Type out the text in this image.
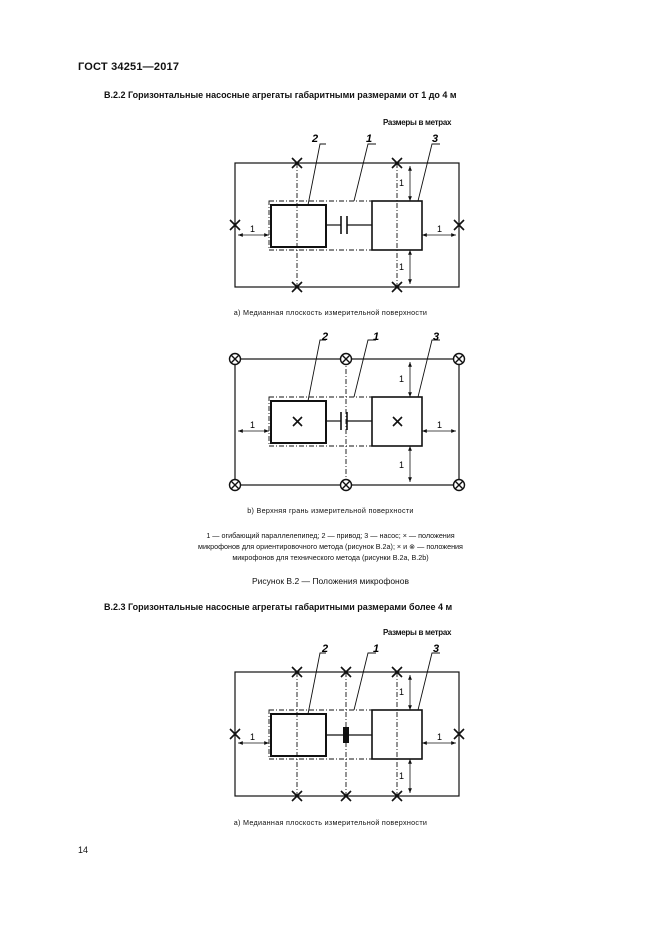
ГОСТ 34251—2017
В.2.2 Горизонтальные насосные агрегаты габаритными размерами от 1 до 4 м
Размеры в метрах
1	1
1
1
2	1	3
а) Медианная плоскость измерительной поверхности
1	1
1
1
2	1	3
b) Верхняя грань измерительной поверхности
1 — огибающий параллелепипед; 2 — привод; 3 — насос; × — положения
микрофонов для ориентировочного метода (рисунок В.2а); × и ⊗ — положения
микрофонов для технического метода (рисунки В.2а, В.2b)
Рисунок В.2 — Положения микрофонов
В.2.3 Горизонтальные насосные агрегаты габаритными размерами более 4 м
Размеры в метрах
1	1
1
1
2	1	3
а) Медианная плоскость измерительной поверхности
14
